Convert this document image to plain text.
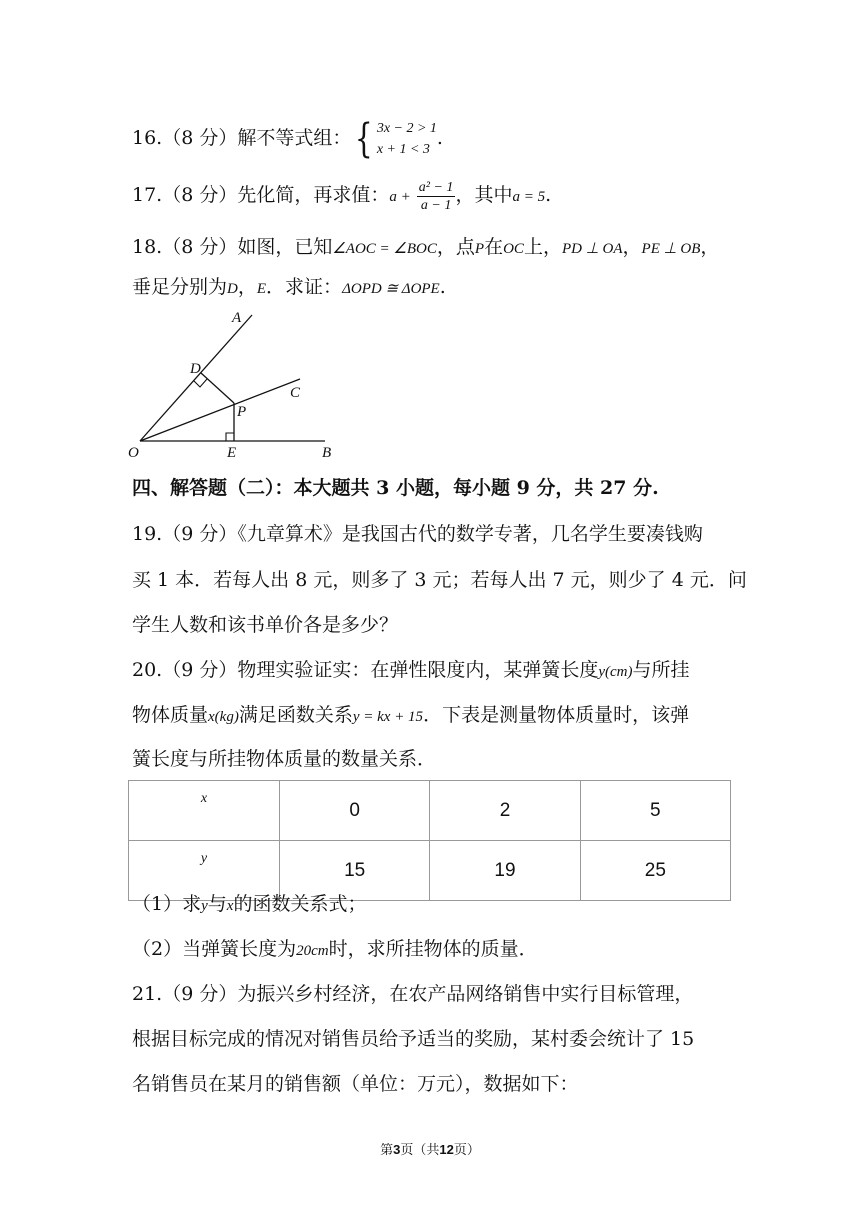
16.（8 分）解不等式组：{ 3x − 2 > 1
x + 1 < 3
.
17.（8 分）先化简，再求值：$a + \frac{\text{a² − 1}}{a - 1}$ ，其中a = 5.
18.（8 分）如图，已知∠AOC = ∠BOC，点P在OC上，PD ⊥ OA，PE ⊥ OB，
垂足分别为D，E．求证：ΔOPD ≅ ΔOPE.
A
D
C
P
O	E	B
四、解答题（二）：本大题共 3 小题，每小题 9 分，共 27 分.
19.（9 分）《九章算术》是我国古代的数学专著，几名学生要凑钱购
买 1 本．若每人出 8 元，则多了 3 元；若每人出 7 元，则少了 4 元．问
学生人数和该书单价各是多少？
20.（9 分）物理实验证实：在弹性限度内，某弹簧长度y(cm)与所挂
物体质量x(kg)满足函数关系y = kx + 15．下表是测量物体质量时，该弹
簧长度与所挂物体质量的数量关系．
x	0	2	5
y	15	19	25
（1）求y与x的函数关系式；
（2）当弹簧长度为20cm时，求所挂物体的质量．
21.（9 分）为振兴乡村经济，在农产品网络销售中实行目标管理，
根据目标完成的情况对销售员给予适当的奖励，某村委会统计了 15
名销售员在某月的销售额（单位：万元），数据如下：
第3页（共12页）
